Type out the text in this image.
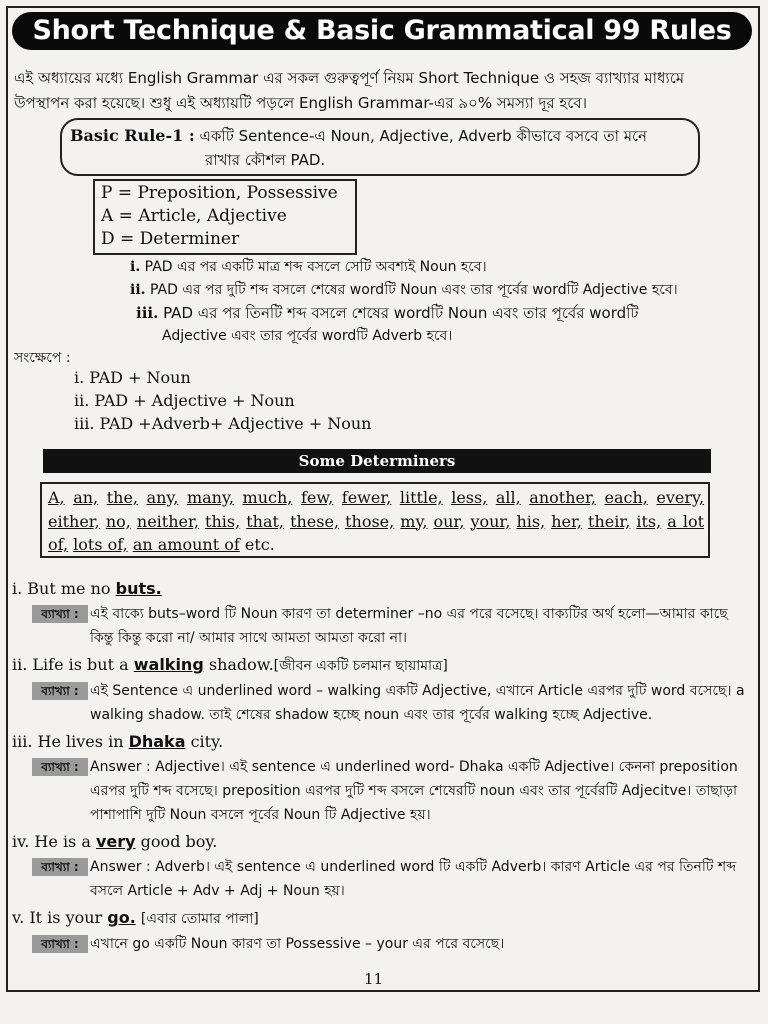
Short Technique & Basic Grammatical 99 Rules
এই অধ্যায়ের মধ্যে English Grammar এর সকল গুরুত্বপূর্ণ নিয়ম Short Technique ও সহজ ব্যাখ্যার মাধ্যমে উপস্থাপন করা হয়েছে। শুধু এই অধ্যায়টি পড়লে English Grammar-এর ৯০% সমস্যা দূর হবে।
Basic Rule-1 : একটি Sentence-এ Noun, Adjective, Adverb কীভাবে বসবে তা মনে
রাখার কৌশল PAD.
P = Preposition, Possessive
A = Article, Adjective
D = Determiner
i. PAD এর পর একটি মাত্র শব্দ বসলে সেটি অবশ্যই Noun হবে।
ii. PAD এর পর দুটি শব্দ বসলে শেষের wordটি Noun এবং তার পূর্বের wordটি Adjective হবে।
iii. PAD এর পর তিনটি শব্দ বসলে শেষের wordটি Noun এবং তার পূর্বের wordটি
Adjective এবং তার পূর্বের wordটি Adverb হবে।
সংক্ষেপে :
i. PAD + Noun
ii. PAD + Adjective + Noun
iii. PAD +Adverb+ Adjective + Noun
Some Determiners
A, an, the, any, many, much, few, fewer, little, less, all, another, each, every, either, no, neither, this, that, these, those, my, our, your, his, her, their, its, a lot of, lots of, an amount of etc.
i. But me no buts.
ব্যাখ্যা : এই বাক্যে buts–word টি Noun কারণ তা determiner –no এর পরে বসেছে। বাক্যটির অর্থ হলো—আমার কাছে কিন্তু কিন্তু করো না/ আমার সাথে আমতা আমতা করো না।
ii. Life is but a walking shadow.[জীবন একটি চলমান ছায়ামাত্র]
ব্যাখ্যা : এই Sentence এ underlined word – walking একটি Adjective, এখানে Article এরপর দুটি word বসেছে। a walking shadow. তাই শেষের shadow হচ্ছে noun এবং তার পূর্বের walking হচ্ছে Adjective.
iii. He lives in Dhaka city.
ব্যাখ্যা : Answer : Adjective। এই sentence এ underlined word- Dhaka একটি Adjective। কেননা preposition এরপর দুটি শব্দ বসেছে। preposition এরপর দুটি শব্দ বসলে শেষেরটি noun এবং তার পূর্বেরটি Adjecitve। তাছাড়া পাশাপাশি দুটি Noun বসলে পূর্বের Noun টি Adjective হয়।
iv. He is a very good boy.
ব্যাখ্যা : Answer : Adverb। এই sentence এ underlined word টি একটি Adverb। কারণ Article এর পর তিনটি শব্দ বসলে Article + Adv + Adj + Noun হয়।
v. It is your go. [এবার তোমার পালা]
ব্যাখ্যা : এখানে go একটি Noun কারণ তা Possessive – your এর পরে বসেছে।
11
